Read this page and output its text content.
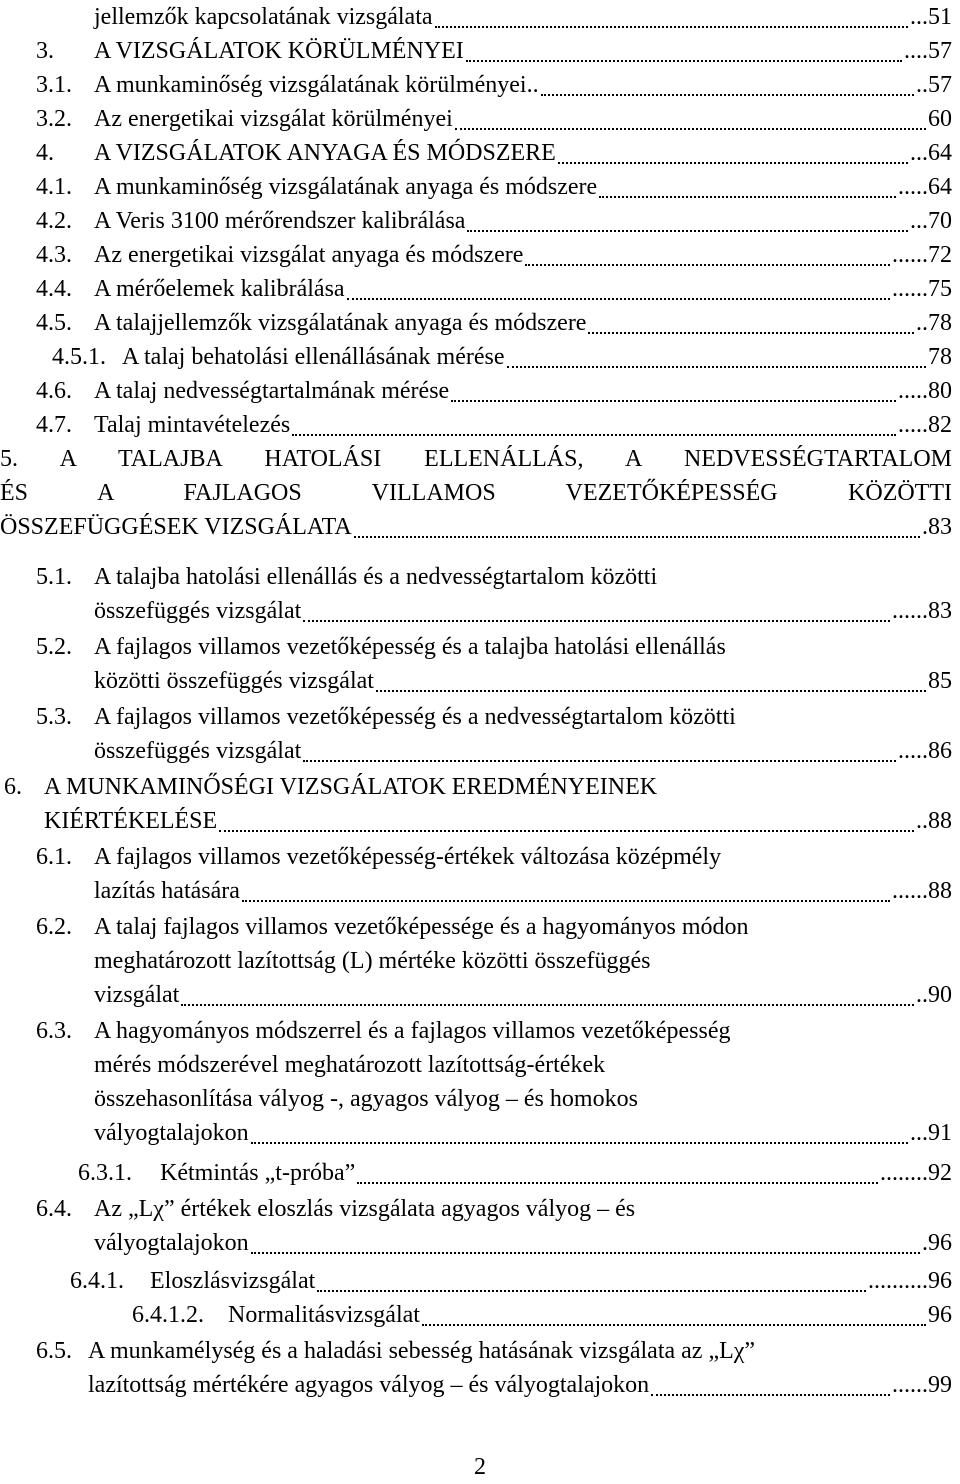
jellemzők kapcsolatának vizsgálata	...51
3.	A VIZSGÁLATOK KÖRÜLMÉNYEI	....57
3.1. A munkaminőség vizsgálatának körülményei..	..57
3.2. Az energetikai vizsgálat körülményei	60
4.	A VIZSGÁLATOK ANYAGA ÉS MÓDSZERE	...64
4.1. A munkaminőség vizsgálatának anyaga és módszere	.....64
4.2. A Veris 3100 mérőrendszer kalibrálása	...70
4.3. Az energetikai vizsgálat anyaga és módszere	......72
4.4. A mérőelemek kalibrálása	......75
4.5. A talajjellemzők vizsgálatának anyaga és módszere	..78
4.5.1. A talaj behatolási ellenállásának mérése	78
4.6. A talaj nedvességtartalmának mérése	.....80
4.7. Talaj mintavételezés	.....82
5. A TALAJBA HATOLÁSI ELLENÁLLÁS, A NEDVESSÉGTARTALOM
ÉS A FAJLAGOS VILLAMOS VEZETŐKÉPESSÉG KÖZÖTTI
ÖSSZEFÜGGÉSEK VIZSGÁLATA	.83
5.1. A talajba hatolási ellenállás és a nedvességtartalom közötti
összefüggés vizsgálat	......83
5.2. A fajlagos villamos vezetőképesség és a talajba hatolási ellenállás
közötti összefüggés vizsgálat	85
5.3. A fajlagos villamos vezetőképesség és a nedvességtartalom közötti
összefüggés vizsgálat	.....86
6. A MUNKAMINŐSÉGI VIZSGÁLATOK EREDMÉNYEINEK
KIÉRTÉKELÉSE	..88
6.1. A fajlagos villamos vezetőképesség-értékek változása középmély
lazítás hatására	......88
6.2. A talaj fajlagos villamos vezetőképessége és a hagyományos módon
meghatározott lazítottság (L) mértéke közötti összefüggés
vizsgálat	..90
6.3. A hagyományos módszerrel és a fajlagos villamos vezetőképesség
mérés módszerével meghatározott lazítottság-értékek
összehasonlítása vályog -, agyagos vályog – és homokos
vályogtalajokon	...91
6.3.1.	Kétmintás „t-próba”	........92
6.4. Az „Lχ” értékek eloszlás vizsgálata agyagos vályog – és
vályogtalajokon	.96
6.4.1.	Eloszlásvizsgálat	..........96
6.4.1.2.	Normalitásvizsgálat	96
6.5. A munkamélység és a haladási sebesség hatásának vizsgálata az „Lχ”
lazítottság mértékére agyagos vályog – és vályogtalajokon	......99
2
